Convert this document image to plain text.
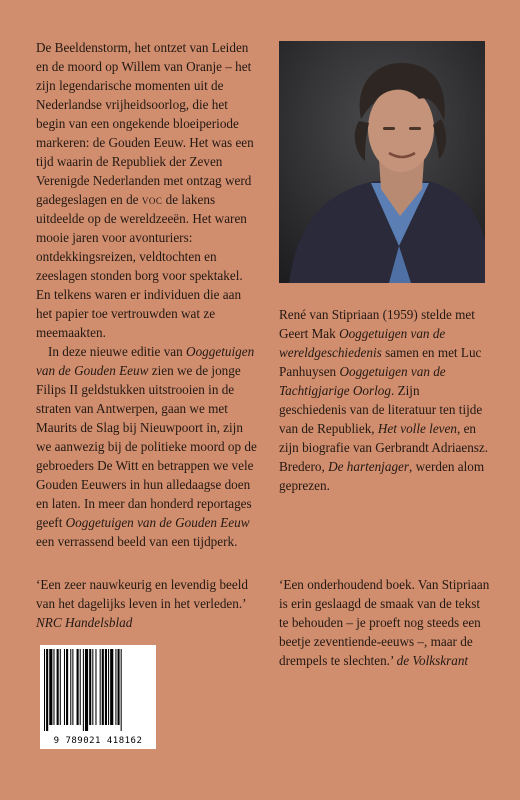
De Beeldenstorm, het ontzet van Leiden en de moord op Willem van Oranje – het zijn legendarische momenten uit de Nederlandse vrijheidsoorlog, die het begin van een ongekende bloeiperiode markeren: de Gouden Eeuw. Het was een tijd waarin de Republiek der Zeven Verenigde Nederlanden met ontzag werd gadegeslagen en de voc de lakens uitdeelde op de wereldzeeën. Het waren mooie jaren voor avonturiers: ontdekkingsreizen, veldtochten en zeeslagen stonden borg voor spektakel. En telkens waren er individuen die aan het papier toe vertrouwden wat ze meemaakten.

In deze nieuwe editie van Ooggetuigen van de Gouden Eeuw zien we de jonge Filips II geldstukken uitstrooien in de straten van Antwerpen, gaan we met Maurits de Slag bij Nieuwpoort in, zijn we aanwezig bij de politieke moord op de gebroeders De Witt en betrappen we vele Gouden Eeuwers in hun alledaagse doen en laten. In meer dan honderd reportages geeft Ooggetuigen van de Gouden Eeuw een verrassend beeld van een tijdperk.

René van Stipriaan (1959) stelde met Geert Mak Ooggetuigen van de wereldgeschiedenis samen en met Luc Panhuysen Ooggetuigen van de Tachtigjarige Oorlog. Zijn geschiedenis van de literatuur ten tijde van de Republiek, Het volle leven, en zijn biografie van Gerbrandt Adriaensz. Bredero, De hartenjager, werden alom geprezen.
‘Een zeer nauwkeurig en levendig beeld van het dagelijks leven in het verleden.’ NRC Handelsblad
‘Een onderhoudend boek. Van Stipriaan is erin geslaagd de smaak van de tekst te behouden – je proeft nog steeds een beetje zeventiende-eeuws –, maar de drempels te slechten.’ de Volkskrant
9 789021 418162
